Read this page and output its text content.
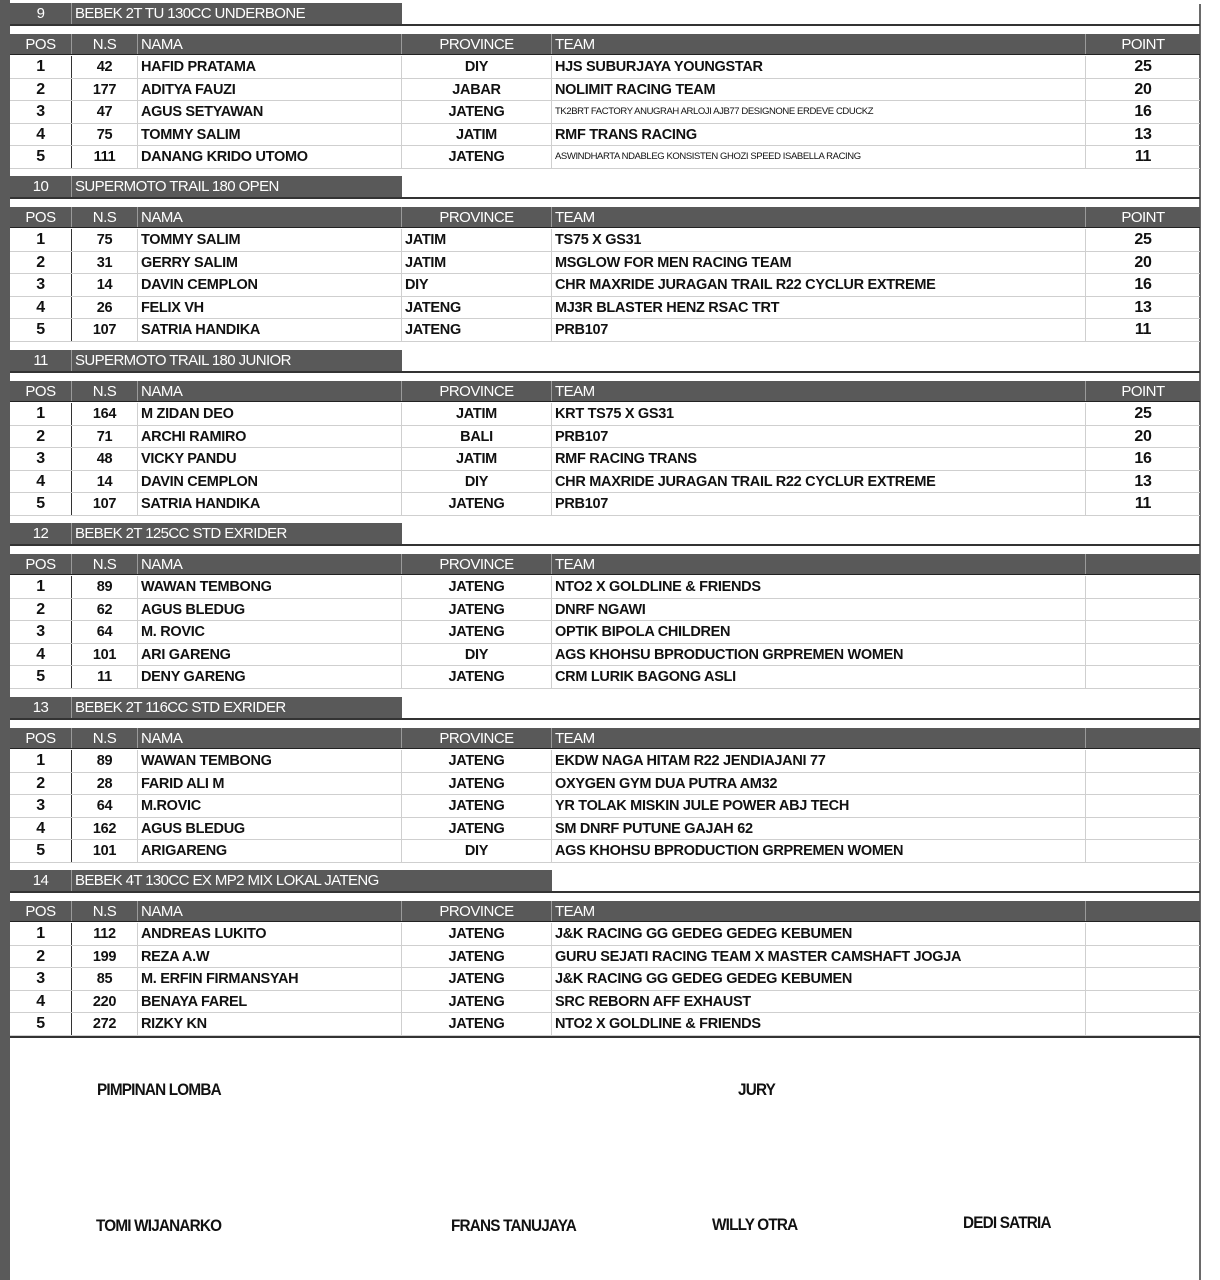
9	BEBEK 2T TU 130CC UNDERBONE
POS	N.S	NAMA	PROVINCE	TEAM	POINT
1	42	HAFID PRATAMA	DIY	HJS SUBURJAYA YOUNGSTAR	25
2	177	ADITYA FAUZI	JABAR	NOLIMIT RACING TEAM	20
3	47	AGUS SETYAWAN	JATENG	TK2BRT FACTORY ANUGRAH ARLOJI AJB77 DESIGNONE ERDEVE CDUCKZ	16
4	75	TOMMY SALIM	JATIM	RMF TRANS RACING	13
5	111	DANANG KRIDO UTOMO	JATENG	ASWINDHARTA NDABLEG KONSISTEN GHOZI SPEED ISABELLA RACING	11
10	SUPERMOTO TRAIL 180 OPEN
POS	N.S	NAMA	PROVINCE	TEAM	POINT
1	75	TOMMY SALIM	JATIM	TS75 X GS31	25
2	31	GERRY SALIM	JATIM	MSGLOW FOR MEN RACING TEAM	20
3	14	DAVIN CEMPLON	DIY	CHR MAXRIDE JURAGAN TRAIL R22 CYCLUR EXTREME	16
4	26	FELIX VH	JATENG	MJ3R BLASTER HENZ RSAC TRT	13
5	107	SATRIA HANDIKA	JATENG	PRB107	11
11	SUPERMOTO TRAIL 180 JUNIOR
POS	N.S	NAMA	PROVINCE	TEAM	POINT
1	164	M ZIDAN DEO	JATIM	KRT TS75 X GS31	25
2	71	ARCHI RAMIRO	BALI	PRB107	20
3	48	VICKY PANDU	JATIM	RMF RACING TRANS	16
4	14	DAVIN CEMPLON	DIY	CHR MAXRIDE JURAGAN TRAIL R22 CYCLUR EXTREME	13
5	107	SATRIA HANDIKA	JATENG	PRB107	11
12	BEBEK 2T 125CC STD EXRIDER
POS	N.S	NAMA	PROVINCE	TEAM
1	89	WAWAN TEMBONG	JATENG	NTO2 X GOLDLINE & FRIENDS
2	62	AGUS BLEDUG	JATENG	DNRF NGAWI
3	64	M. ROVIC	JATENG	OPTIK BIPOLA CHILDREN
4	101	ARI GARENG	DIY	AGS KHOHSU BPRODUCTION GRPREMEN WOMEN
5	11	DENY GARENG	JATENG	CRM LURIK BAGONG ASLI
13	BEBEK 2T 116CC STD EXRIDER
POS	N.S	NAMA	PROVINCE	TEAM
1	89	WAWAN TEMBONG	JATENG	EKDW NAGA HITAM R22 JENDIAJANI 77
2	28	FARID ALI M	JATENG	OXYGEN GYM DUA PUTRA AM32
3	64	M.ROVIC	JATENG	YR TOLAK MISKIN JULE POWER ABJ TECH
4	162	AGUS BLEDUG	JATENG	SM DNRF PUTUNE GAJAH 62
5	101	ARIGARENG	DIY	AGS KHOHSU BPRODUCTION GRPREMEN WOMEN
14	BEBEK 4T 130CC EX MP2 MIX LOKAL JATENG
POS	N.S	NAMA	PROVINCE	TEAM
1	112	ANDREAS LUKITO	JATENG	J&K RACING GG GEDEG GEDEG KEBUMEN
2	199	REZA A.W	JATENG	GURU SEJATI RACING TEAM X MASTER CAMSHAFT JOGJA
3	85	M. ERFIN FIRMANSYAH	JATENG	J&K RACING GG GEDEG GEDEG KEBUMEN
4	220	BENAYA FAREL	JATENG	SRC REBORN AFF EXHAUST
5	272	RIZKY KN	JATENG	NTO2 X GOLDLINE & FRIENDS
PIMPINAN LOMBA	JURY
TOMI WIJANARKO	FRANS TANUJAYA	WILLY OTRA	DEDI SATRIA
